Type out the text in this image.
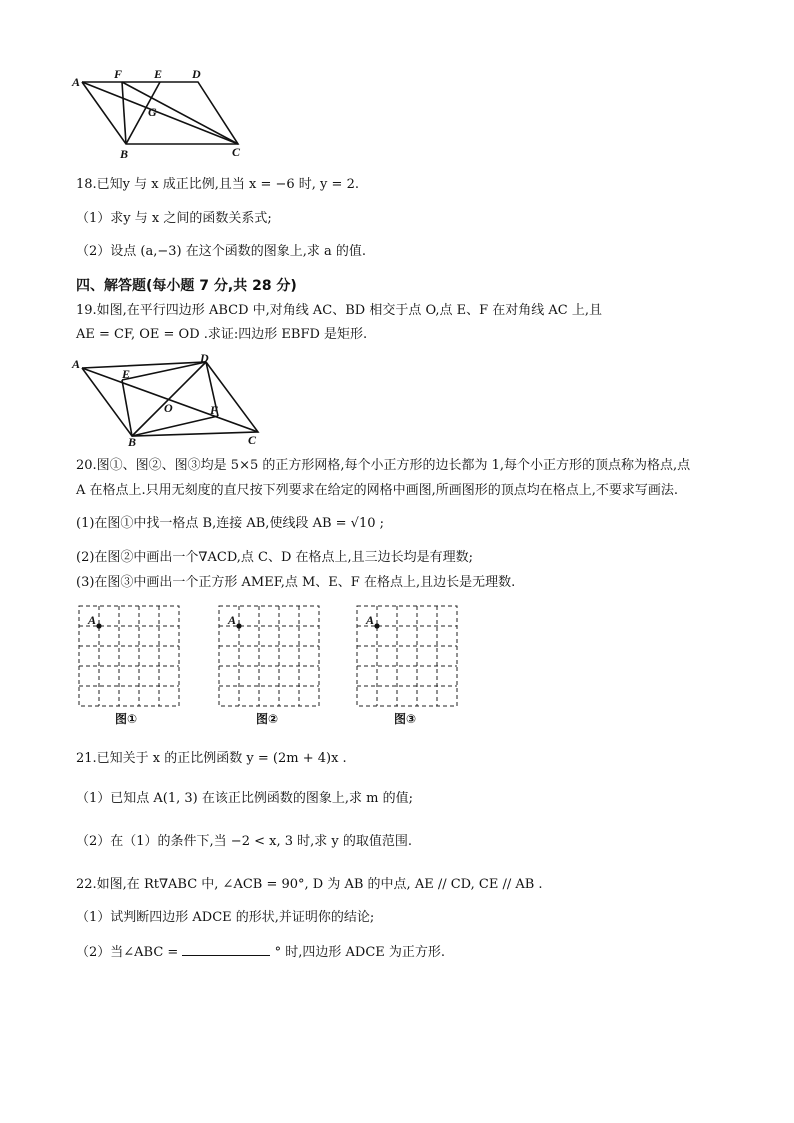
A
F	E D
G
B	C
18.已知y 与 x 成正比例,且当 x = −6 时, y = 2.
（1）求y 与 x 之间的函数关系式;
（2）设点 (a,−3) 在这个函数的图象上,求 a 的值.
四、解答题(每小题 7 分,共 28 分)
19.如图,在平行四边形 ABCD 中,对角线 AC、BD 相交于点 O,点 E、F 在对角线 AC 上,且
AE = CF, OE = OD .求证:四边形 EBFD 是矩形.
A
E
D
O	F
B	C
20.图①、图②、图③均是 5×5 的正方形网格,每个小正方形的边长都为 1,每个小正方形的顶点称为格点,点
A 在格点上.只用无刻度的直尺按下列要求在给定的网格中画图,所画图形的顶点均在格点上,不要求写画法.
(1)在图①中找一格点 B,连接 AB,使线段 AB = √10 ;
(2)在图②中画出一个∇ACD,点 C、D 在格点上,且三边长均是有理数;
(3)在图③中画出一个正方形 AMEF,点 M、E、F 在格点上,且边长是无理数.
A
图①
A
图②
A
图③
21.已知关于 x 的正比例函数 y = (2m + 4)x .
（1）已知点 A(1, 3) 在该正比例函数的图象上,求 m 的值;
（2）在（1）的条件下,当 −2 < x, 3 时,求 y 的取值范围.
22.如图,在 Rt∇ABC 中, ∠ACB = 90°, D 为 AB 的中点, AE // CD, CE // AB .
（1）试判断四边形 ADCE 的形状,并证明你的结论;
（2）当∠ABC =	° 时,四边形 ADCE 为正方形.
